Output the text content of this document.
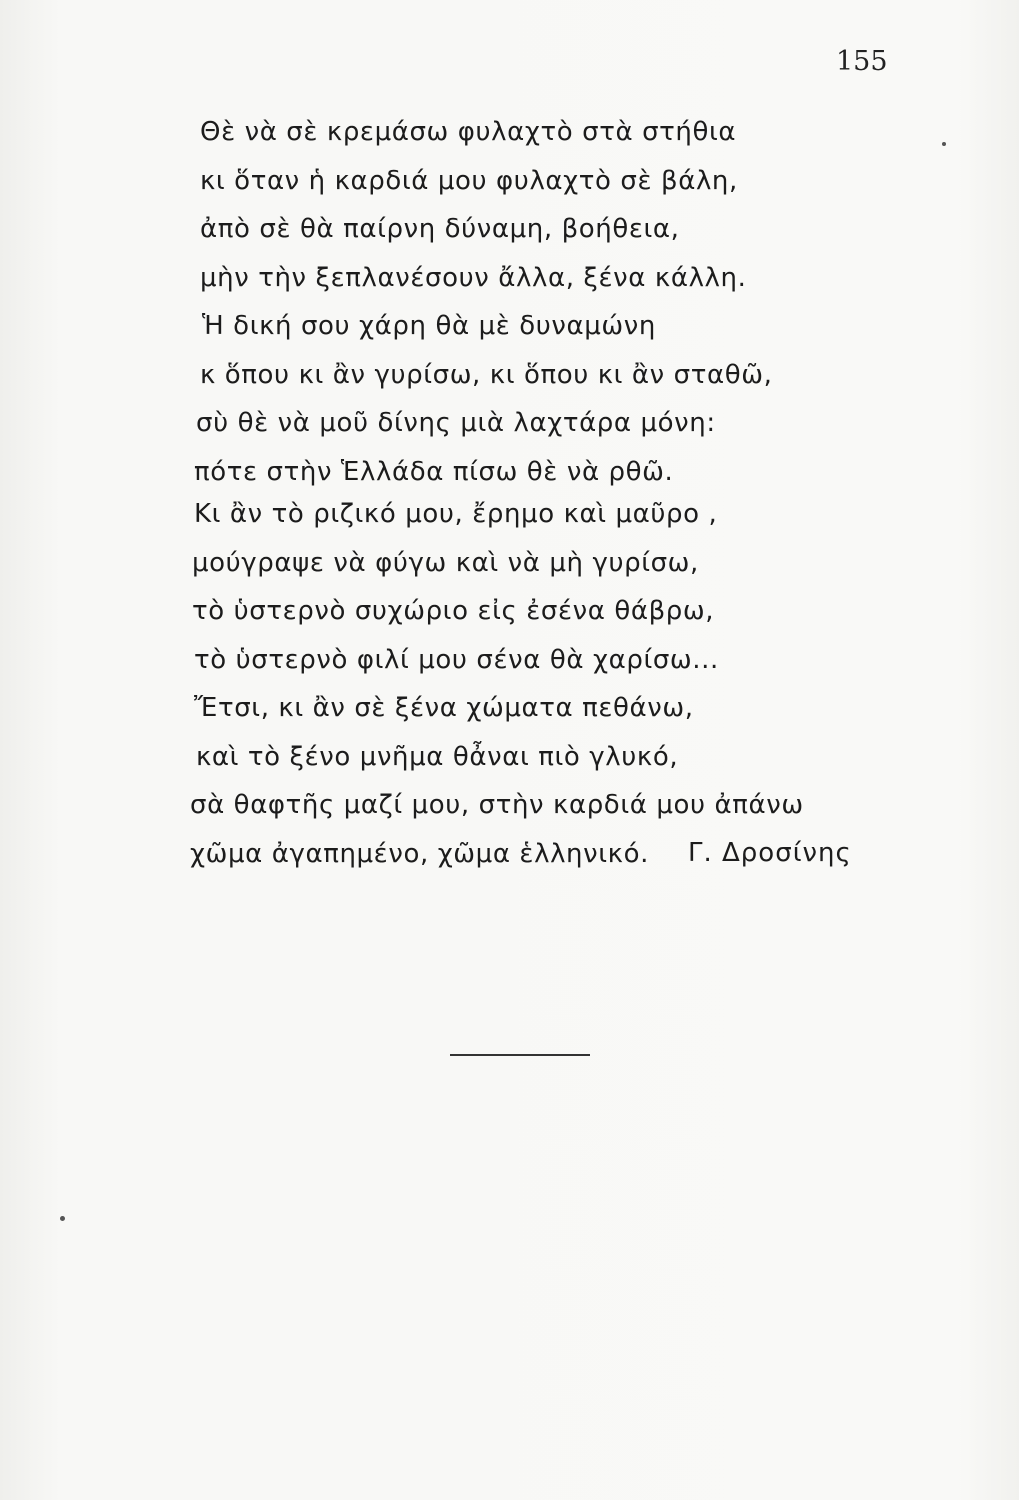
155
Θὲ νὰ σὲ κρεμάσω φυλαχτὸ στὰ στήθια
κι ὅταν ἡ καρδιά μου φυλαχτὸ σὲ βάλη,
ἀπὸ σὲ θὰ παίρνη δύναμη, βοήθεια,
μὴν τὴν ξεπλανέσουν ἄλλα, ξένα κάλλη.
Ἡ δική σου χάρη θὰ μὲ δυναμώνη
κ ὅπου κι ἂν γυρίσω, κι ὅπου κι ἂν σταθῶ,
σὺ θὲ νὰ μοῦ δίνης μιὰ λαχτάρα μόνη:
πότε στὴν Ἑλλάδα πίσω θὲ νὰ ρθῶ.
Κι ἂν τὸ ριζικό μου, ἔρημο καὶ μαῦρο ,
μούγραψε νὰ φύγω καὶ νὰ μὴ γυρίσω,
τὸ ὑστερνὸ συχώριο εἰς ἐσένα θάβρω,
τὸ ὑστερνὸ φιλί μου σένα θὰ χαρίσω...
Ἔτσι, κι ἂν σὲ ξένα χώματα πεθάνω,
καὶ τὸ ξένο μνῆμα θἆναι πιὸ γλυκό,
σὰ θαφτῆς μαζί μου, στὴν καρδιά μου ἀπάνω
χῶμα ἀγαπημένο, χῶμα ἑλληνικό.	Γ. Δροσίνης
